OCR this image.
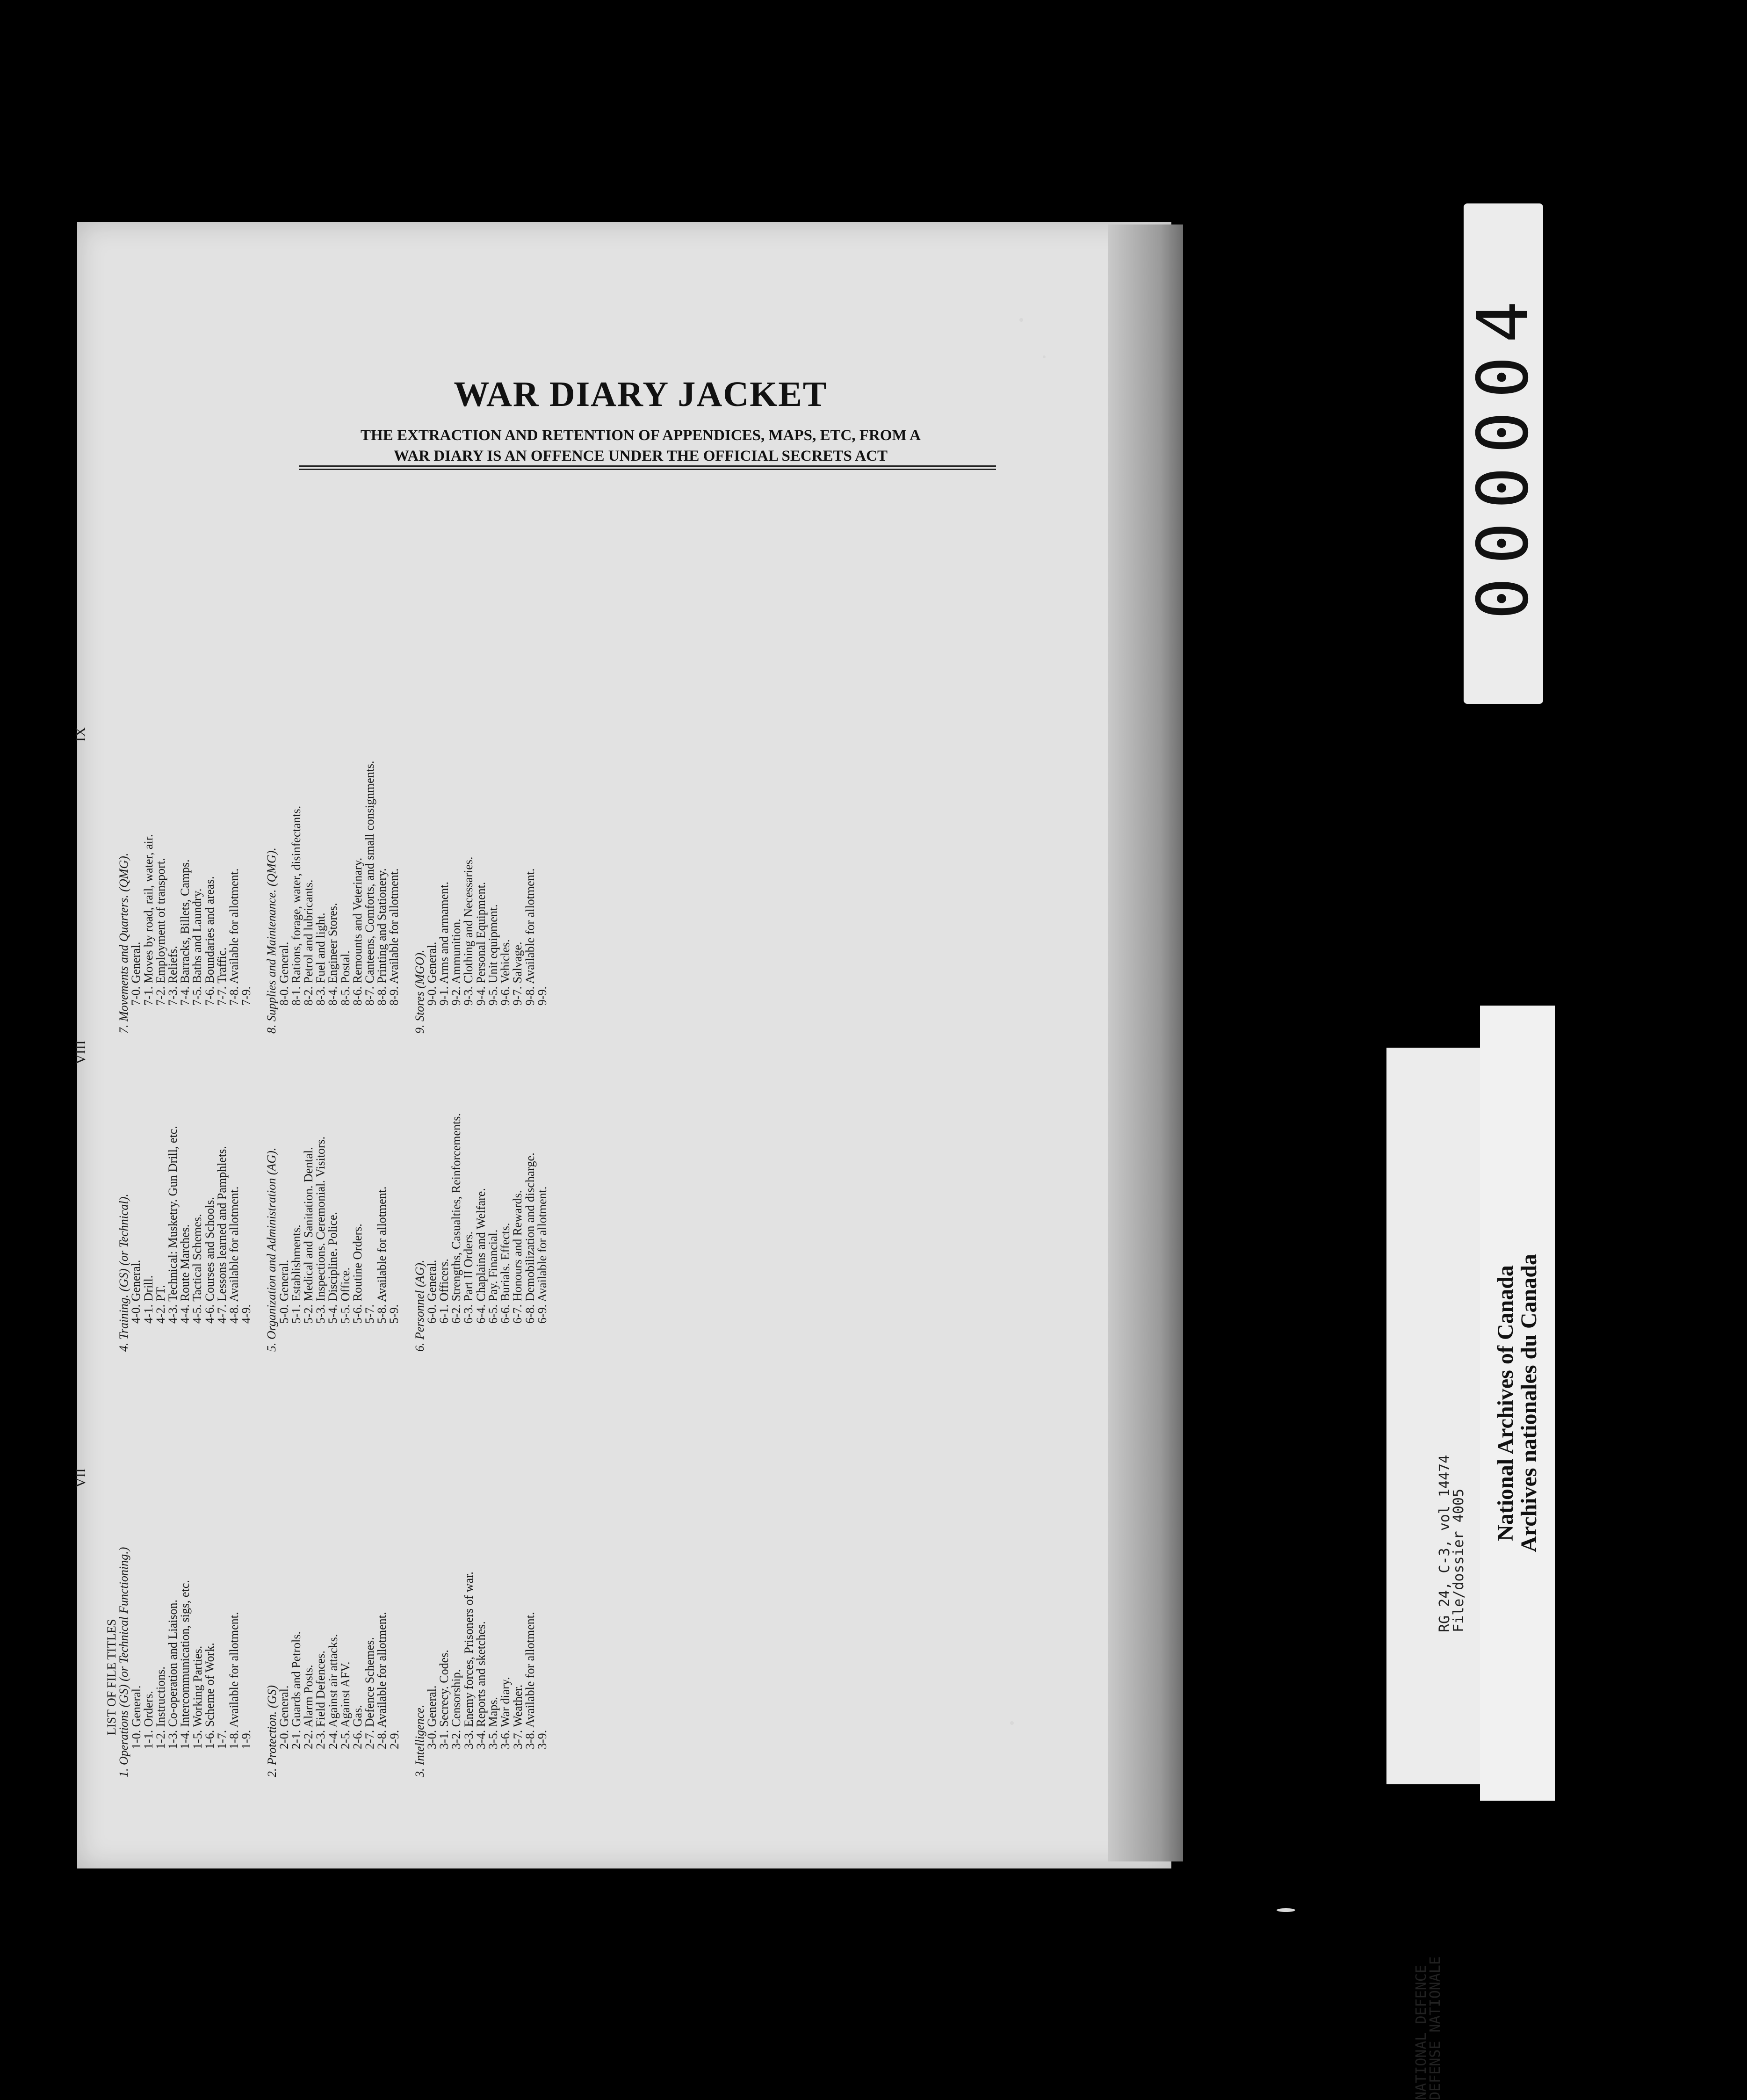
WAR DIARY JACKET

THE EXTRACTION AND RETENTION OF APPENDICES, MAPS, ETC, FROM A
WAR DIARY IS AN OFFENCE UNDER THE OFFICIAL SECRETS ACT
VII
LIST OF FILE TITLES
1. Operations (GS) (or Technical Functioning.)
1-0. General.
1-1. Orders.
1-2. Instructions.
1-3. Co-operation and Liaison.
1-4. Intercommunication, sigs, etc.
1-5. Working Parties.
1-6. Scheme of Work.
1-7.
1-8. Available for allotment.
1-9. 2. Protection. (GS)
2-0. General.
2-1. Guards and Petrols.
2-2. Alarm Posts.
2-3. Field Defences.
2-4. Against air attacks.
2-5. Against AFV.
2-6. Gas.
2-7. Defence Schemes.
2-8. Available for allotment.
2-9. 3. Intelligence.
3-0. General.
3-1. Secrecy. Codes.
3-2. Censorship.
3-3. Enemy forces, Prisoners of war.
3-4. Reports and sketches.
3-5. Maps.
3-6. War diary.
3-7. Weather.
3-8. Available for allotment.
3-9.
VIII
4. Training. (GS) (or Technical).
4-0. General.
4-1. Drill.
4-2. PT.
4-3. Technical: Musketry. Gun Drill, etc.
4-4. Route Marches.
4-5. Tactical Schemes.
4-6. Courses and Schools.
4-7. Lessons learned and Pamphlets.
4-8. Available for allotment.
4-9. 5. Organization and Administration (AG).
5-0. General.
5-1. Establishments.
5-2. Medical and Sanitation. Dental.
5-3. Inspections. Ceremonial. Visitors.
5-4. Discipline. Police.
5-5. Office.
5-6. Routine Orders.
5-7.
5-8. Available for allotment.
5-9. 6. Personnel (AG).
6-0. General.
6-1. Officers.
6-2. Strengths, Casualties, Reinforcements.
6-3. Part II Orders.
6-4. Chaplains and Welfare.
6-5. Pay. Financial.
6-6. Burials. Effects.
6-7. Honours and Rewards.
6-8. Demobilization and discharge.
6-9. Available for allotment.
IX
7. Movements and Quarters. (QMG).
7-0. General.
7-1. Moves by road, rail, water, air.
7-2. Employment of transport.
7-3. Reliefs.
7-4. Barracks, Billets, Camps.
7-5. Baths and Laundry.
7-6. Boundaries and areas.
7-7. Traffic.
7-8. Available for allotment.
7-9. 8. Supplies and Maintenance. (QMG).
8-0. General.
8-1. Rations, forage, water, disinfectants.
8-2. Petrol and lubricants.
8-3. Fuel and light.
8-4. Engineer Stores.
8-5. Postal.
8-6. Remounts and Veterinary.
8-7. Canteens, Comforts, and small consignments.
8-8. Printing and Stationery.
8-9. Available for allotment. 9. Stores (MGO).
9-0. General.
9-1. Arms and armament.
9-2. Ammunition.
9-3. Clothing and Necessaries.
9-4. Personal Equipment.
9-5. Unit equipment.
9-6. Vehicles.
9-7. Salvage.
9-8. Available for allotment.
9-9.
000004
NATIONAL DEFENCE
DEFENSE NATIONALE
RG 24, C-3, vol 14474
File/dossier 4005
National Archives of Canada
Archives nationales du Canada
